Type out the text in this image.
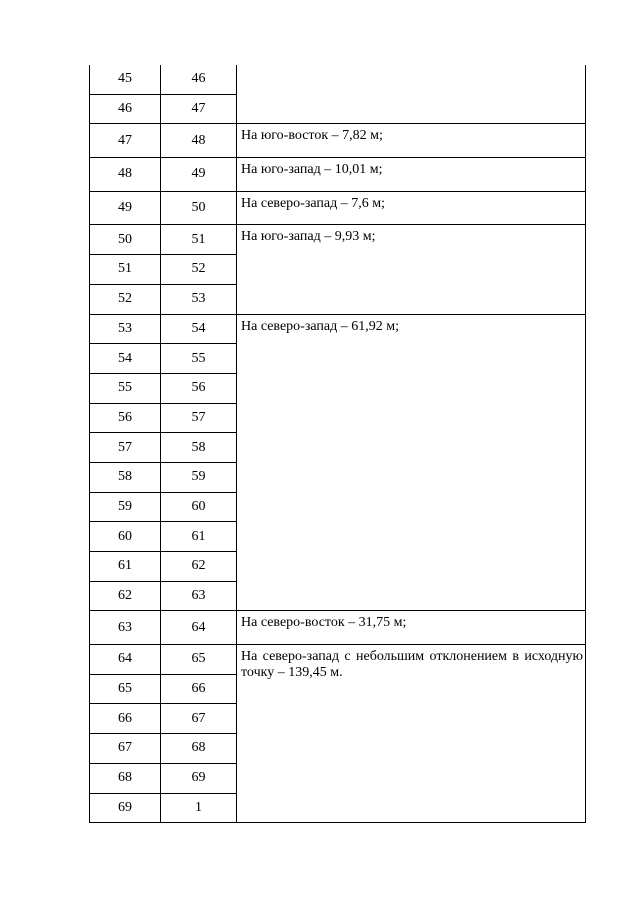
45	46	
46	47	
47	48	На юго-восток – 7,82 м;
48	49	На юго-запад – 10,01 м;
49	50	На северо-запад – 7,6 м;
50	51	На юго-запад – 9,93 м;
51	52	
52	53	
53	54	На северо-запад – 61,92 м;
54	55	
55	56	
56	57	
57	58	
58	59	
59	60	
60	61	
61	62	
62	63	
63	64	На северо-восток – 31,75 м;
64	65	На северо-запад с небольшим отклонением в исходную точку – 139,45 м.
65	66	
66	67	
67	68	
68	69	
69	1	
